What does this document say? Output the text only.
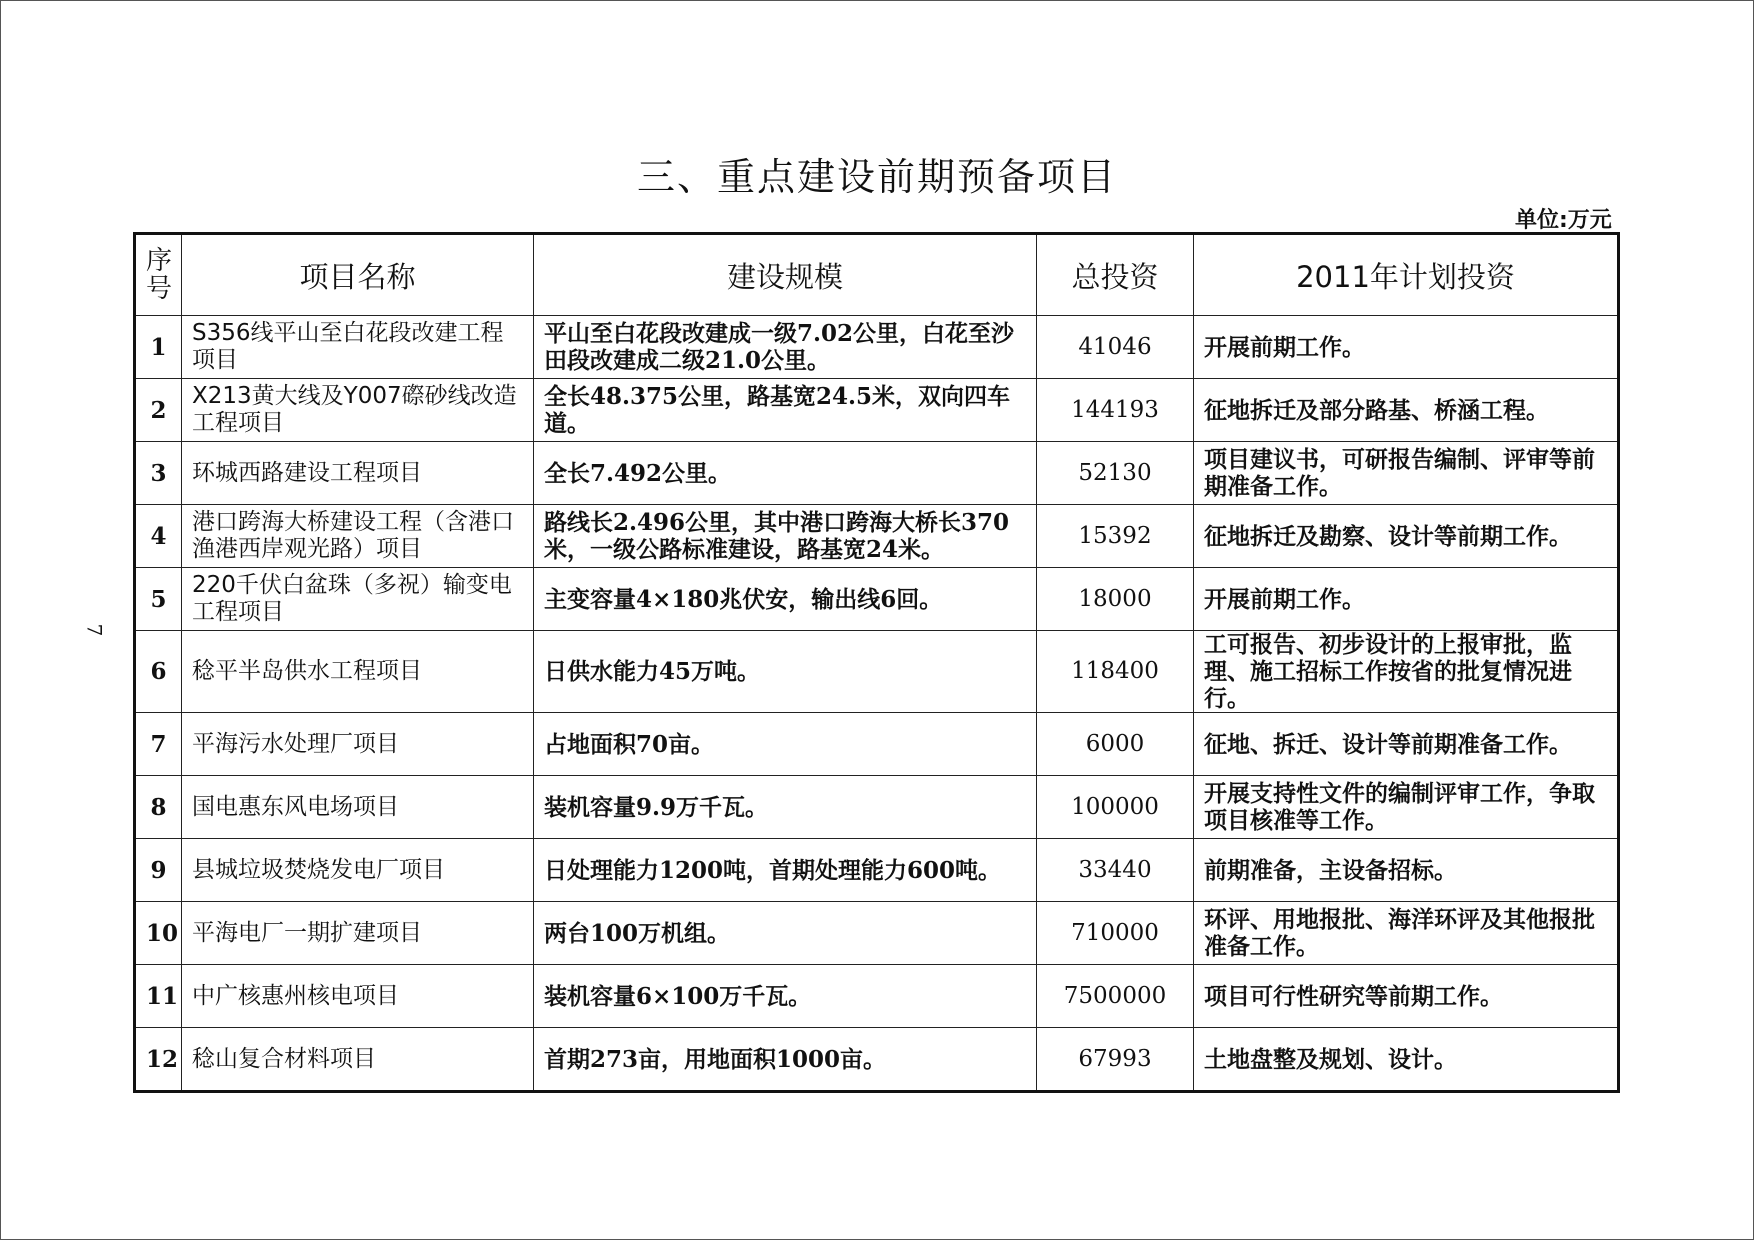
7
三、重点建设前期预备项目
单位:万元
序号	项目名称	建设规模	总投资	2011年计划投资
1	S356线平山至白花段改建工程项目	平山至白花段改建成一级7.02公里，白花至沙田段改建成二级21.0公里。	41046	开展前期工作。
2	X213黄大线及Y007磜砂线改造工程项目	全长48.375公里，路基宽24.5米，双向四车道。	144193	征地拆迁及部分路基、桥涵工程。
3	环城西路建设工程项目	全长7.492公里。	52130	项目建议书，可研报告编制、评审等前期准备工作。
4	港口跨海大桥建设工程（含港口渔港西岸观光路）项目	路线长2.496公里，其中港口跨海大桥长370米，一级公路标准建设，路基宽24米。	15392	征地拆迁及勘察、设计等前期工作。
5	220千伏白盆珠（多祝）输变电工程项目	主变容量4×180兆伏安，输出线6回。	18000	开展前期工作。
6	稔平半岛供水工程项目	日供水能力45万吨。	118400	工可报告、初步设计的上报审批，监理、施工招标工作按省的批复情况进行。
7	平海污水处理厂项目	占地面积70亩。	6000	征地、拆迁、设计等前期准备工作。
8	国电惠东风电场项目	装机容量9.9万千瓦。	100000	开展支持性文件的编制评审工作，争取项目核准等工作。
9	县城垃圾焚烧发电厂项目	日处理能力1200吨，首期处理能力600吨。	33440	前期准备，主设备招标。
10	平海电厂一期扩建项目	两台100万机组。	710000	环评、用地报批、海洋环评及其他报批准备工作。
11	中广核惠州核电项目	装机容量6×100万千瓦。	7500000	项目可行性研究等前期工作。
12	稔山复合材料项目	首期273亩，用地面积1000亩。	67993	土地盘整及规划、设计。
